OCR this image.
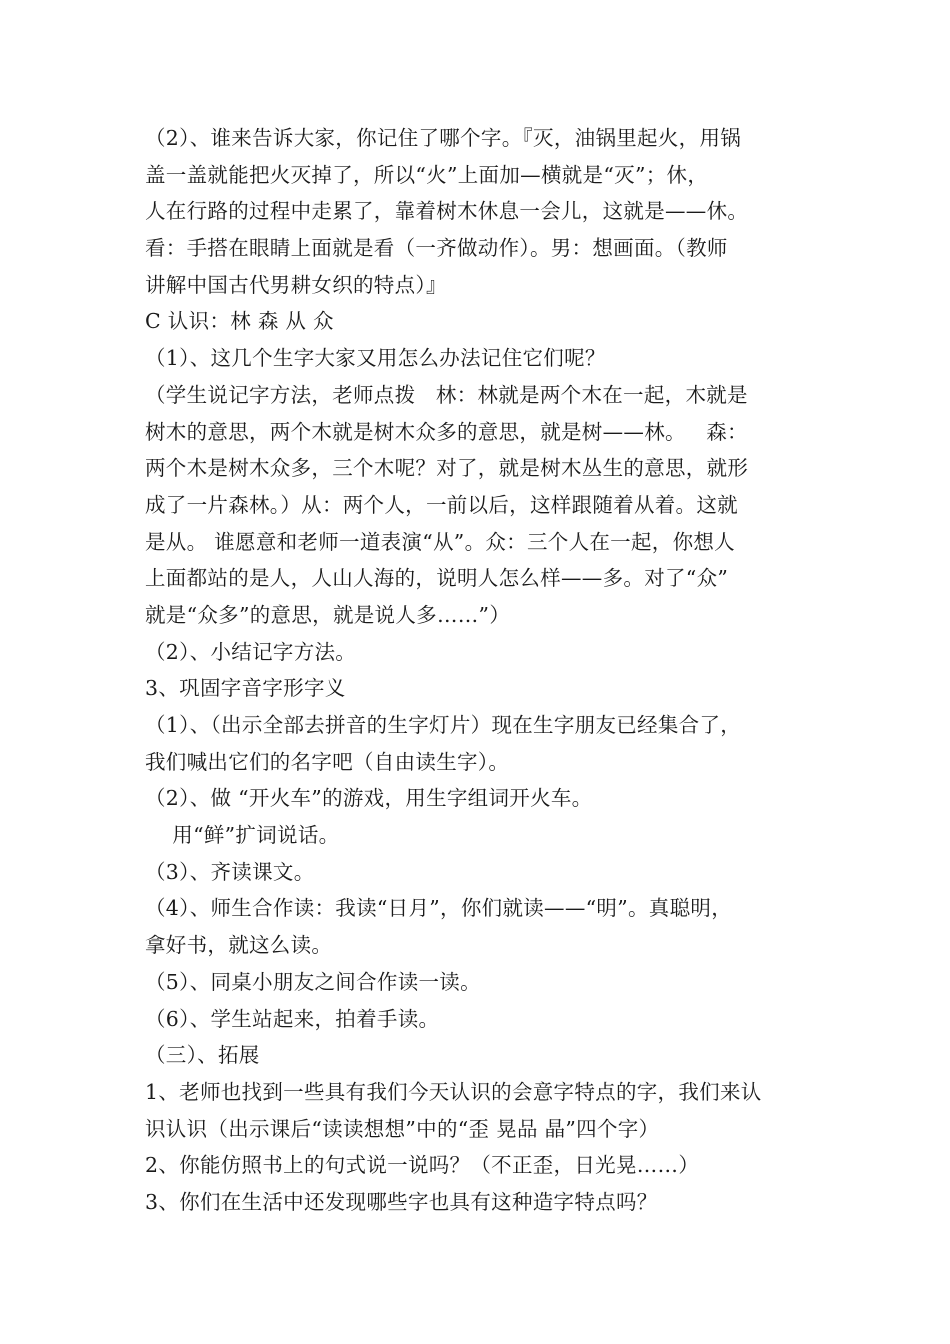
（2）、谁来告诉大家，你记住了哪个字。『灭，油锅里起火，用锅
盖一盖就能把火灭掉了，所以“火”上面加—横就是“灭”；休，
人在行路的过程中走累了，靠着树木休息一会儿，这就是——休。
看：手搭在眼睛上面就是看（一齐做动作）。男：想画面。（教师
讲解中国古代男耕女织的特点）』
C 认识：林 森 从 众
（1）、这几个生字大家又用怎么办法记住它们呢？
（学生说记字方法，老师点拨   林：林就是两个木在一起，木就是
树木的意思，两个木就是树木众多的意思，就是树——林。   森：
两个木是树木众多，三个木呢？对了，就是树木丛生的意思，就形
成了一片森林。）从：两个人，一前以后，这样跟随着从着。这就
是从。 谁愿意和老师一道表演“从”。众：三个人在一起，你想人
上面都站的是人，人山人海的，说明人怎么样——多。对了“众”
就是“众多”的意思，就是说人多……”）
（2）、小结记字方法。
3、巩固字音字形字义
（1）、（出示全部去拼音的生字灯片）现在生字朋友已经集合了，
我们喊出它们的名字吧（自由读生字）。
（2）、做 “开火车”的游戏，用生字组词开火车。
用“鲜”扩词说话。
（3）、齐读课文。
（4）、师生合作读：我读“日月”，你们就读——“明”。真聪明，
拿好书，就这么读。
（5）、同桌小朋友之间合作读一读。
（6）、学生站起来，拍着手读。
（三）、拓展
1、老师也找到一些具有我们今天认识的会意字特点的字，我们来认
识认识（出示课后“读读想想”中的“歪 晃品 晶”四个字）
2、你能仿照书上的句式说一说吗？（不正歪，日光晃……）
3、你们在生活中还发现哪些字也具有这种造字特点吗？
